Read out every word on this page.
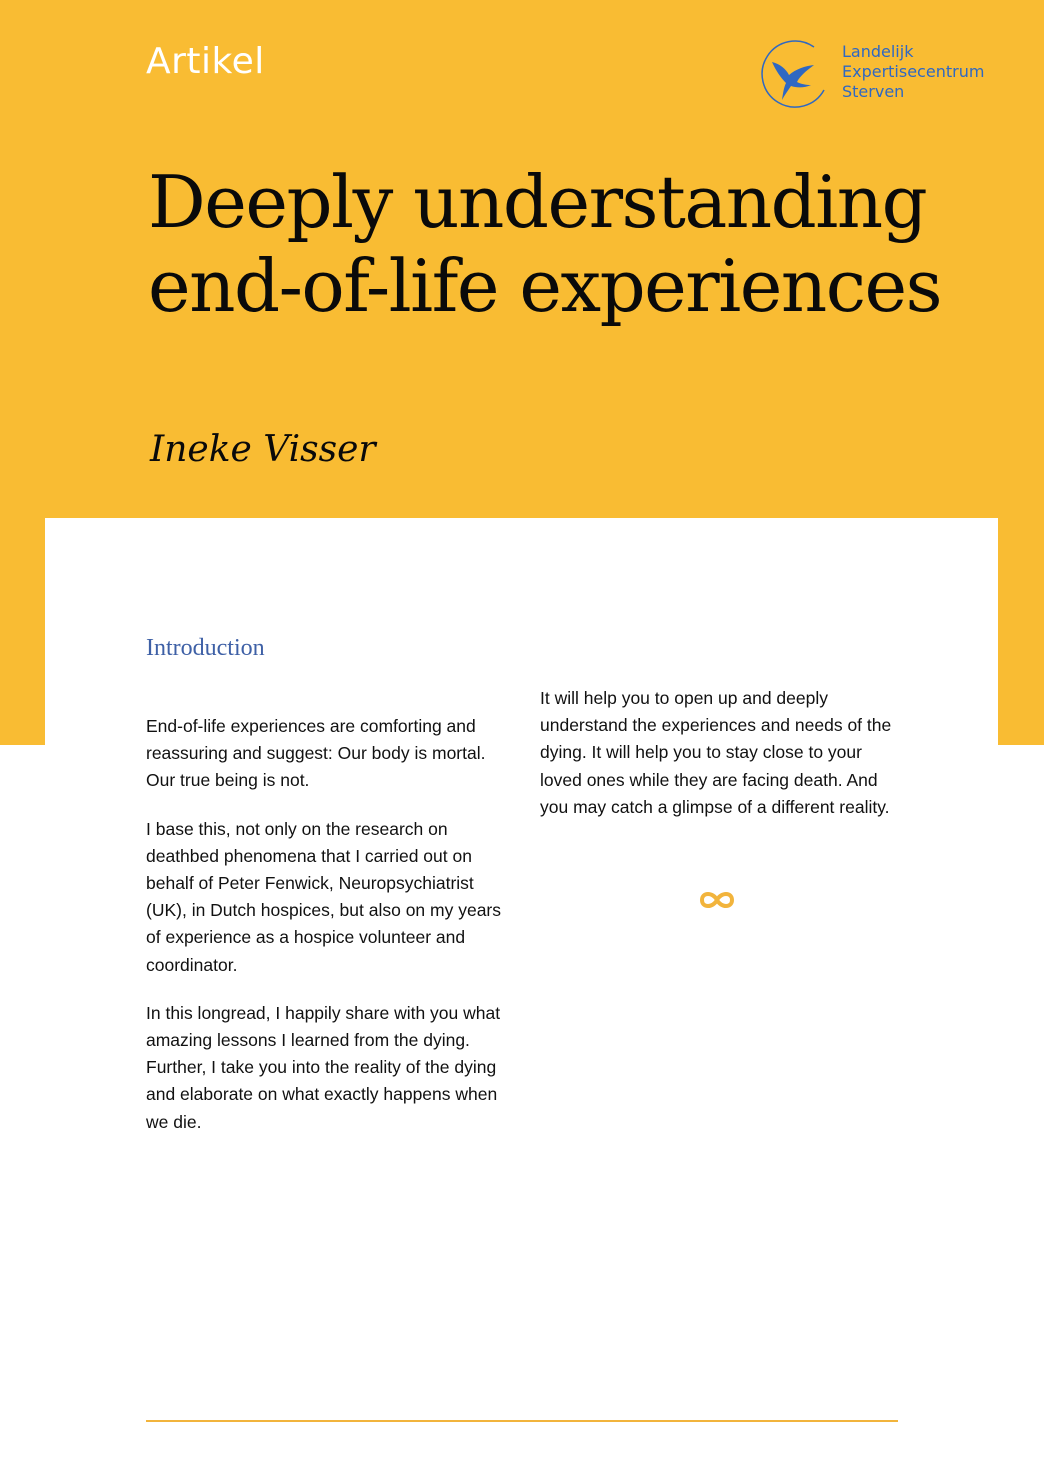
Artikel	Landelijk
Expertisecentrum
Sterven
Deeply understanding end-of-life experiences
Ineke Visser
Introduction

End-of-life experiences are comforting and reassuring and suggest: Our body is mortal. Our true being is not.

I base this, not only on the research on deathbed phenomena that I carried out on behalf of Peter Fenwick, Neuropsychiatrist (UK), in Dutch hospices, but also on my years of experience as a hospice volunteer and coordinator.

In this longread, I happily share with you what amazing lessons I learned from the dying. Further, I take you into the reality of the dying and elaborate on what exactly happens when we die.

It will help you to open up and deeply understand the experiences and needs of the dying. It will help you to stay close to your loved ones while they are facing death. And you may catch a glimpse of a different reality.
